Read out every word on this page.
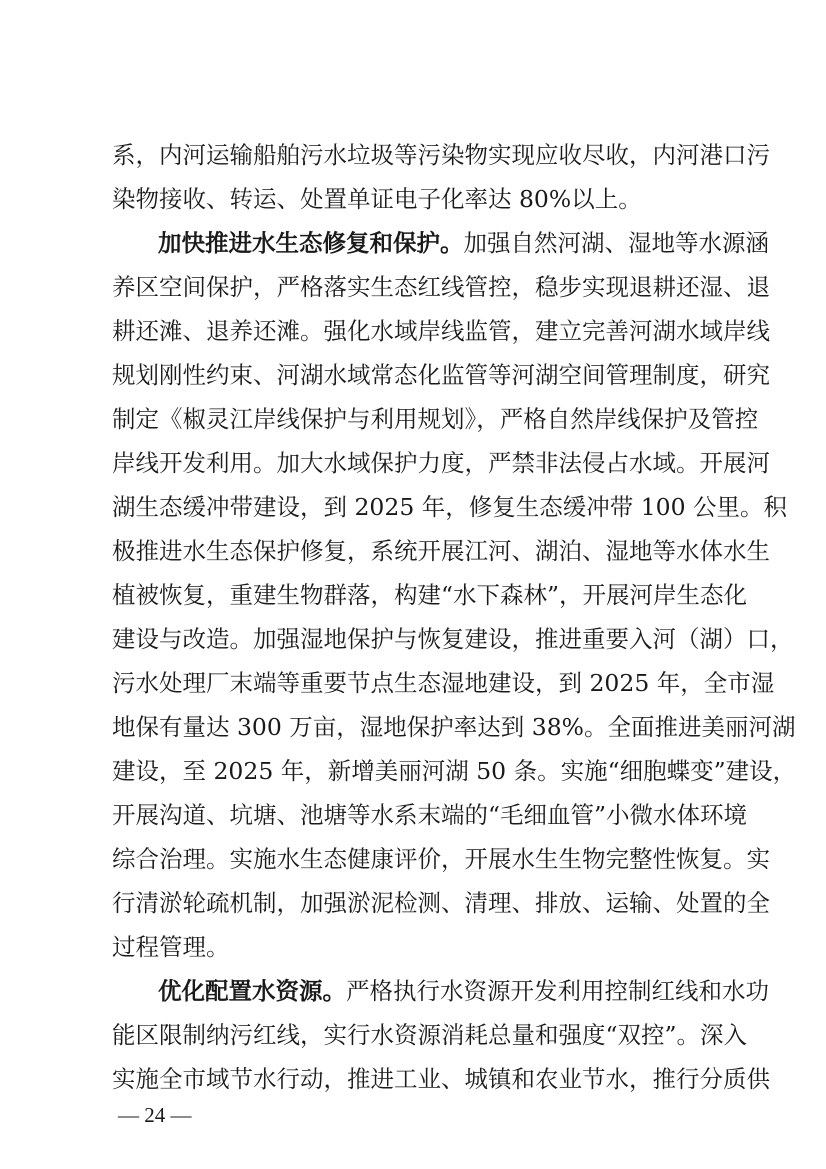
系，内河运输船舶污水垃圾等污染物实现应收尽收，内河港口污
染物接收、转运、处置单证电子化率达 80%以上。
加快推进水生态修复和保护。加强自然河湖、湿地等水源涵
养区空间保护，严格落实生态红线管控，稳步实现退耕还湿、退
耕还滩、退养还滩。强化水域岸线监管，建立完善河湖水域岸线
规划刚性约束、河湖水域常态化监管等河湖空间管理制度，研究
制定《椒灵江岸线保护与利用规划》，严格自然岸线保护及管控
岸线开发利用。加大水域保护力度，严禁非法侵占水域。开展河
湖生态缓冲带建设，到 2025 年，修复生态缓冲带 100 公里。积
极推进水生态保护修复，系统开展江河、湖泊、湿地等水体水生
植被恢复，重建生物群落，构建“水下森林”，开展河岸生态化
建设与改造。加强湿地保护与恢复建设，推进重要入河（湖）口，
污水处理厂末端等重要节点生态湿地建设，到 2025 年，全市湿
地保有量达 300 万亩，湿地保护率达到 38%。全面推进美丽河湖
建设，至 2025 年，新增美丽河湖 50 条。实施“细胞蝶变”建设，
开展沟道、坑塘、池塘等水系末端的“毛细血管”小微水体环境
综合治理。实施水生态健康评价，开展水生生物完整性恢复。实
行清淤轮疏机制，加强淤泥检测、清理、排放、运输、处置的全
过程管理。
优化配置水资源。严格执行水资源开发利用控制红线和水功
能区限制纳污红线，实行水资源消耗总量和强度“双控”。深入
实施全市域节水行动，推进工业、城镇和农业节水，推行分质供
— 24 —
